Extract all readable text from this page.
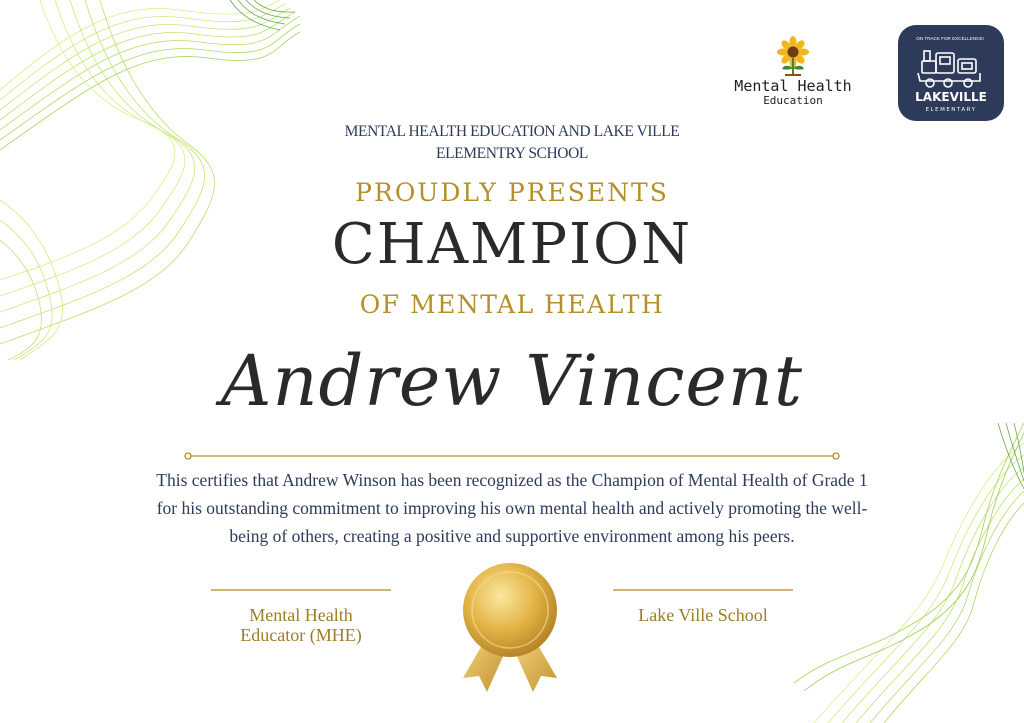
Mental Health
Education
ON TRACK FOR EXCELLENCE!
LAKEVILLE
ELEMENTARY
MENTAL HEALTH EDUCATION AND LAKE VILLE
ELEMENTRY SCHOOL
PROUDLY PRESENTS
CHAMPION
OF MENTAL HEALTH
Andrew Vincent
This certifies that Andrew Winson has been recognized as the Champion of Mental Health of Grade 1
for his outstanding commitment to improving his own mental health and actively promoting the well-
being of others, creating a positive and supportive environment among his peers.
Mental Health
Educator (MHE)
Lake Ville School
